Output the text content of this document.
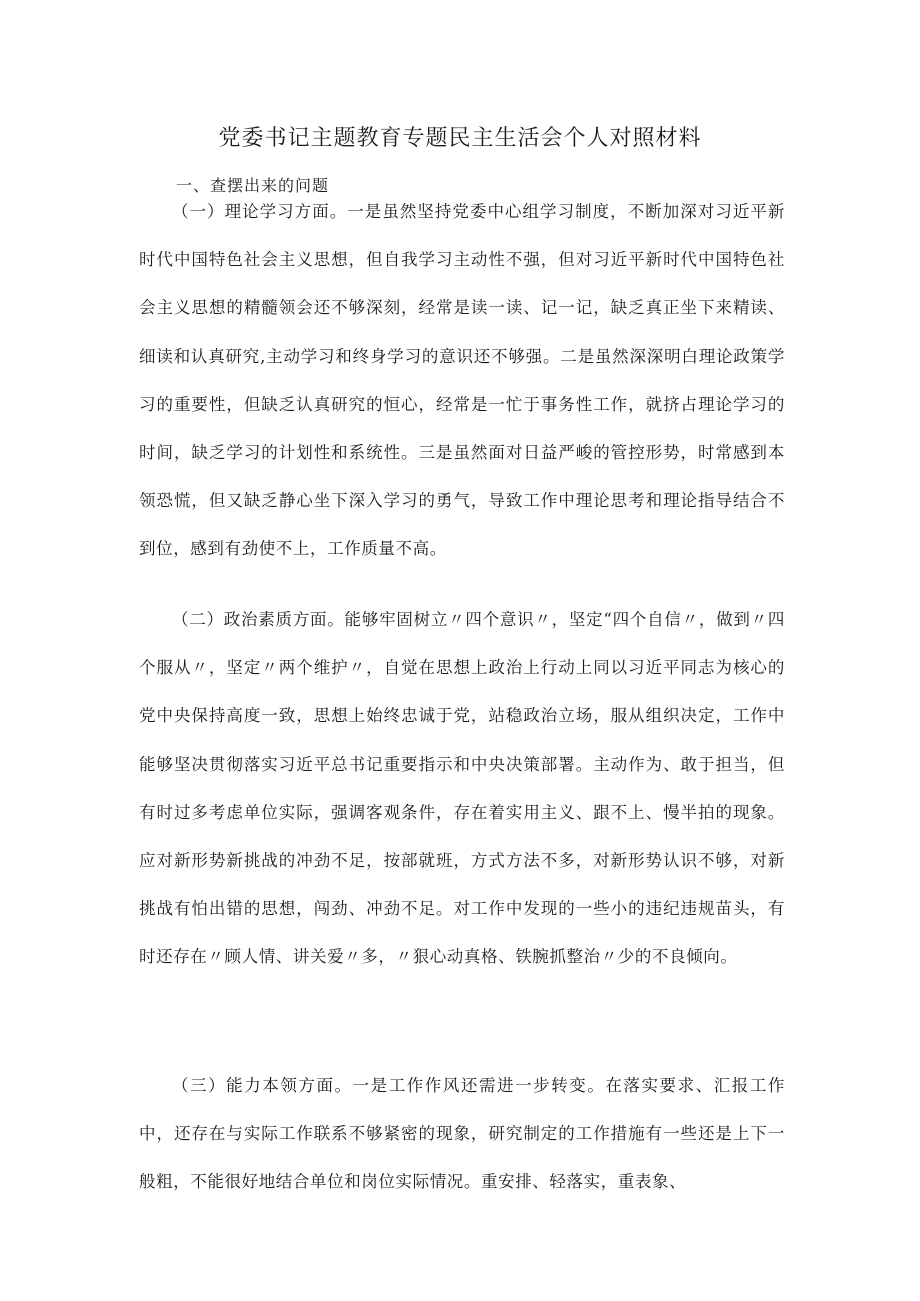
党委书记主题教育专题民主生活会个人对照材料

一、查摆出来的问题

（一）理论学习方面。一是虽然坚持党委中心组学习制度，不断加深对习近平新时代中国特色社会主义思想，但自我学习主动性不强，但对习近平新时代中国特色社会主义思想的精髓领会还不够深刻，经常是读一读、记一记，缺乏真正坐下来精读、细读和认真研究,主动学习和终身学习的意识还不够强。二是虽然深深明白理论政策学习的重要性，但缺乏认真研究的恒心，经常是一忙于事务性工作，就挤占理论学习的时间，缺乏学习的计划性和系统性。三是虽然面对日益严峻的管控形势，时常感到本领恐慌，但又缺乏静心坐下深入学习的勇气，导致工作中理论思考和理论指导结合不到位，感到有劲使不上，工作质量不高。

（二）政治素质方面。能够牢固树立〃四个意识〃，坚定“四个自信〃，做到〃四个服从〃，坚定〃两个维护〃，自觉在思想上政治上行动上同以习近平同志为核心的党中央保持高度一致，思想上始终忠诚于党，站稳政治立场，服从组织决定，工作中能够坚决贯彻落实习近平总书记重要指示和中央决策部署。主动作为、敢于担当，但有时过多考虑单位实际，强调客观条件，存在着实用主义、跟不上、慢半拍的现象。应对新形势新挑战的冲劲不足，按部就班，方式方法不多，对新形势认识不够，对新挑战有怕出错的思想，闯劲、冲劲不足。对工作中发现的一些小的违纪违规苗头，有时还存在〃顾人情、讲关爱〃多，〃狠心动真格、铁腕抓整治〃少的不良倾向。

（三）能力本领方面。一是工作作风还需进一步转变。在落实要求、汇报工作中，还存在与实际工作联系不够紧密的现象，研究制定的工作措施有一些还是上下一般粗，不能很好地结合单位和岗位实际情况。重安排、轻落实，重表象、
